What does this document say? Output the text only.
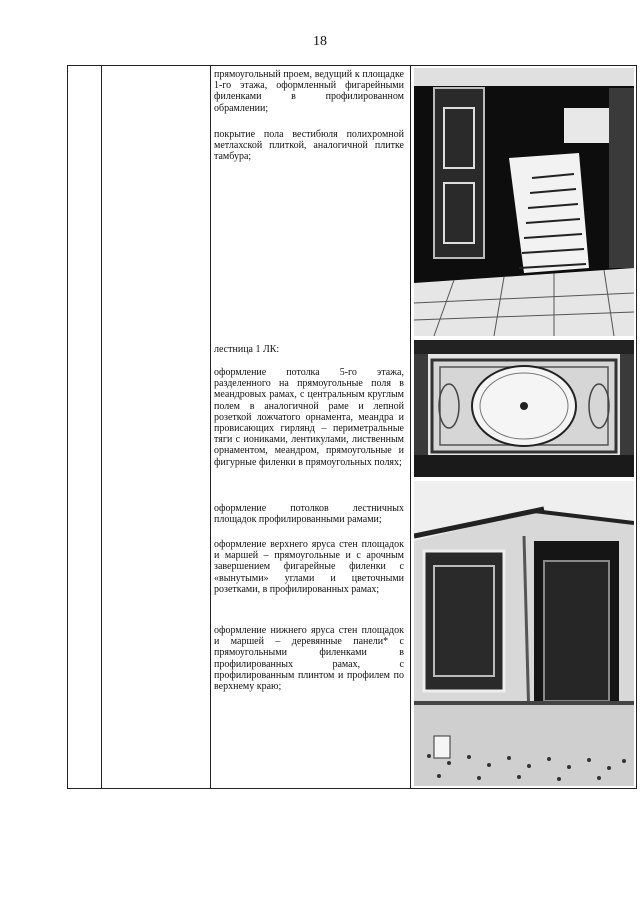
18
прямоугольный проем, ведущий к площадке 1-го этажа, оформленный фигарейными филенками в профилированном обрамлении;
покрытие пола вестибюля полихромной метлахской плиткой, аналогичной плитке тамбура;
лестница 1 ЛК:
оформление потолка 5-го этажа, разделенного на прямоугольные поля в меандровых рамах, с центральным круглым полем в аналогичной раме и лепной розеткой ложчатого орнамента, меандра и провисающих гирлянд – периметральные тяги с иониками, лентикулами, лиственным орнаментом, меандром, прямоугольные и фигурные филенки в прямоугольных полях;
оформление потолков лестничных площадок профилированными рамами;
оформление верхнего яруса стен площадок и маршей – прямоугольные и с арочным завершением фигарейные филенки с «вынутыми» углами и цветочными розетками, в профилированных рамах;
оформление нижнего яруса стен площадок и маршей – деревянные панели* с прямоугольными филенками в профилированных рамах, с профилированным плинтом и профилем по верхнему краю;
